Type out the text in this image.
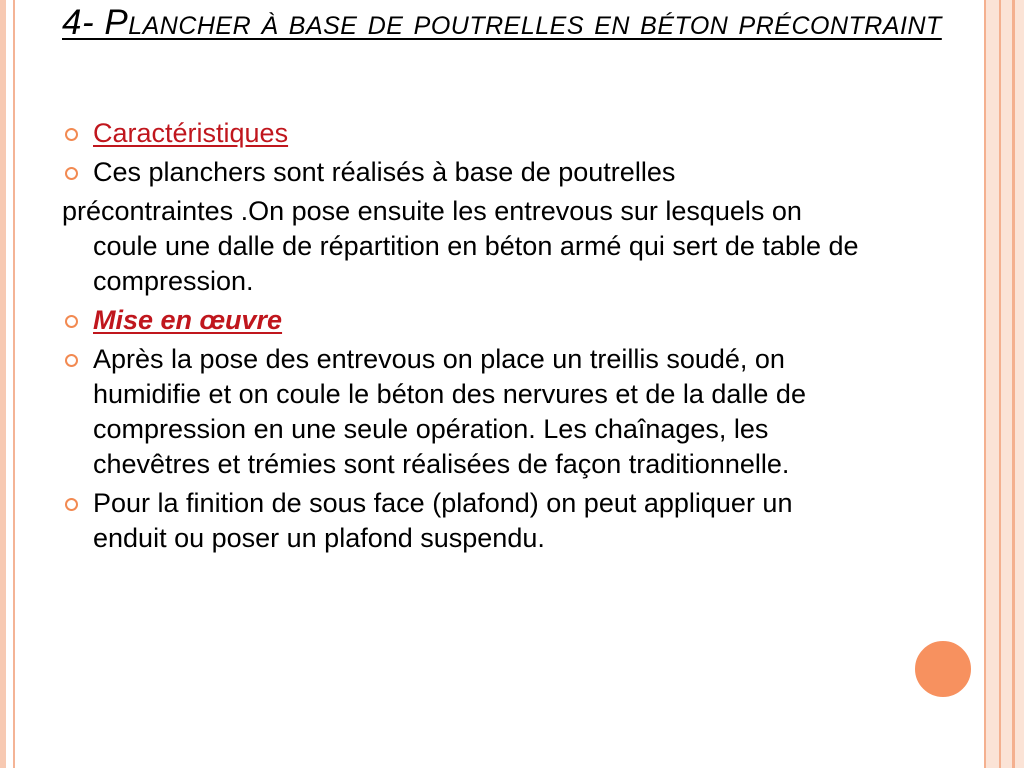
4- Plancher à base de poutrelles en béton précontraint

Caractéristiques

Ces planchers sont réalisés à base de poutrelles

précontraintes .On pose ensuite les entrevous sur lesquels on coule une dalle de répartition en béton armé qui sert de table de compression.

Mise en œuvre

Après la pose des entrevous on place un treillis soudé, on humidifie et on coule le béton des nervures et de la dalle de compression en une seule opération. Les chaînages, les chevêtres et trémies sont réalisées de façon traditionnelle.

Pour la finition de sous face (plafond) on peut appliquer un enduit ou poser un plafond suspendu.
